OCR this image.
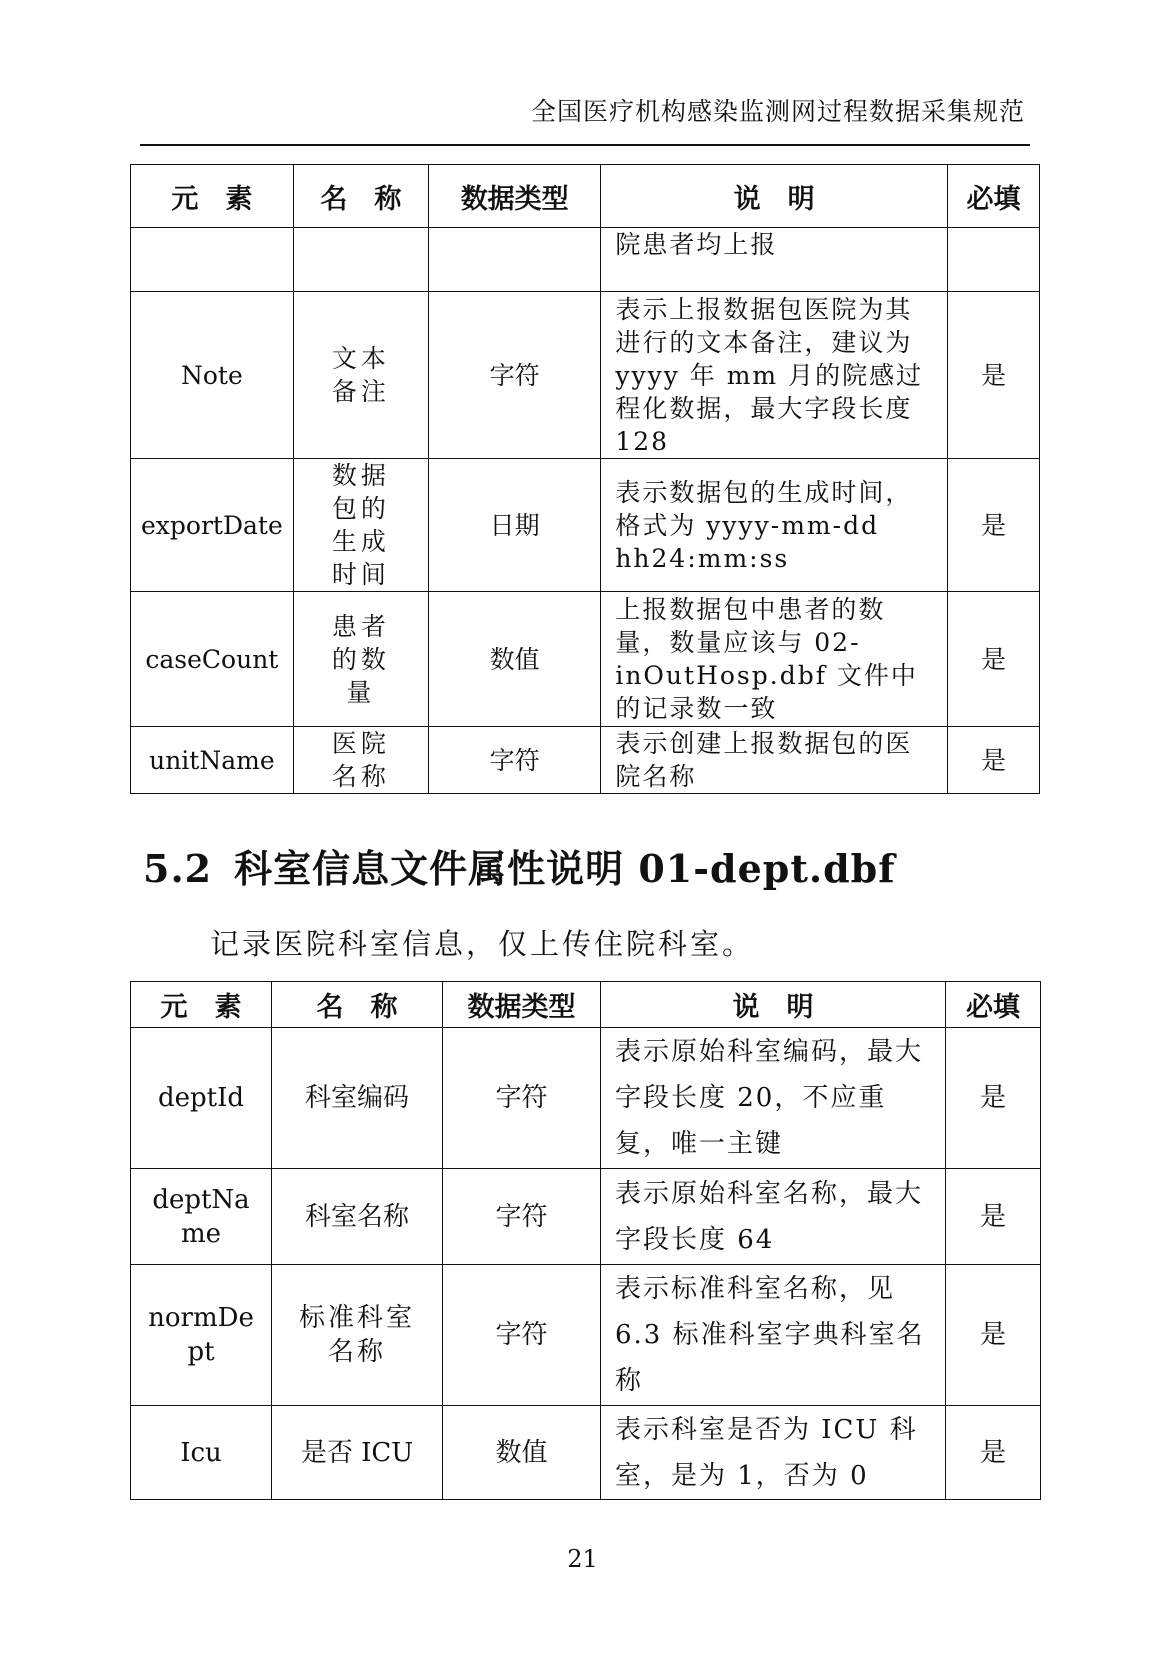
全国医疗机构感染监测网过程数据采集规范
元　素	名　称	数据类型	说　明	必填
			院患者均上报	
Note	文本备注	字符	表示上报数据包医院为其进行的文本备注，建议为 yyyy 年 mm 月的院感过程化数据，最大字段长度 128	是
exportDate	数据包的生成时间	日期	表示数据包的生成时间，格式为 yyyy-mm-dd hh24:mm:ss	是
caseCount	患者的数量	数值	上报数据包中患者的数量，数量应该与 02-inOutHosp.dbf 文件中的记录数一致	是
unitName	医院名称	字符	表示创建上报数据包的医院名称	是
5.2 科室信息文件属性说明 01-dept.dbf
记录医院科室信息，仅上传住院科室。
元　素	名　称	数据类型	说　明	必填
deptId	科室编码	字符	表示原始科室编码，最大字段长度 20，不应重复，唯一主键	是
deptName	科室名称	字符	表示原始科室名称，最大字段长度 64	是
normDept	标准科室名称	字符	表示标准科室名称，见 6.3 标准科室字典科室名称	是
Icu	是否 ICU	数值	表示科室是否为 ICU 科室，是为 1，否为 0	是
21
